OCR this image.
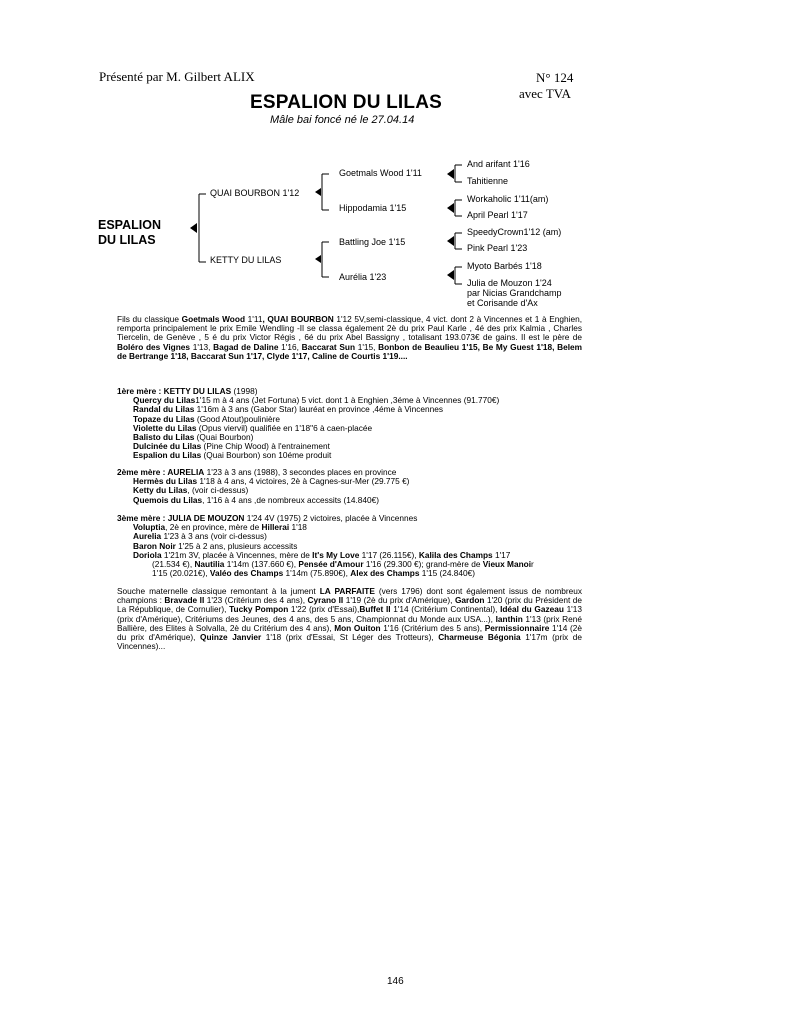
Présenté par M. Gilbert ALIX	N° 124
avec TVA
ESPALION DU LILAS
Mâle bai foncé né le 27.04.14
ESPALION
DU LILAS
QUAI BOURBON 1'12
KETTY DU LILAS
Goetmals Wood 1'11
Hippodamia 1'15
Battling Joe 1'15
Aurélia 1'23
And arifant 1'16
Tahitienne
Workaholic 1'11(am)
April Pearl 1'17
SpeedyCrown1'12 (am)
Pink Pearl 1'23
Myoto Barbés 1'18
Julia de Mouzon 1'24
par Nicias Grandchamp
et Corisande d'Ax
Fils du classique Goetmals Wood 1'11, QUAI BOURBON 1'12 5V,semi-classique, 4 vict. dont 2 à Vincennes et 1 à Enghien, remporta principalement le prix Emile Wendling -Il se classa également 2è du prix Paul Karle , 4é des prix Kalmia , Charles Tiercelin, de Genève , 5 é du prix Victor Régis , 6é du prix Abel Bassigny , totalisant 193.073€ de gains. Il est le père de Boléro des Vignes 1'13, Bagad de Daline 1'16, Baccarat Sun 1'15, Bonbon de Beaulieu 1'15, Be My Guest 1'18, Belem de Bertrange 1'18, Baccarat Sun 1'17, Clyde 1'17, Caline de Courtis 1'19....
1ère mère : KETTY DU LILAS (1998)
Quercy du Lilas1'15 m à 4 ans (Jet Fortuna) 5 vict. dont 1 à Enghien ,3éme à Vincennes (91.770€)
Randal du Lilas 1'16m à 3 ans (Gabor Star) lauréat en province ,4éme à Vincennes
Topaze du Lilas (Good Atout)poulinière
Violette du Lilas (Opus viervil) qualifiée en 1'18"6 à caen-placée
Balisto du Lilas (Quai Bourbon)
Dulcinée du Lilas (Pine Chip Wood) à l'entrainement
Espalion du Lilas (Quai Bourbon) son 10éme produit
2ème mère : AURELIA 1'23 à 3 ans (1988), 3 secondes places en province
Hermès du Lilas 1'18 à 4 ans, 4 victoires, 2è à Cagnes-sur-Mer (29.775 €)
Ketty du Lilas, (voir ci-dessus)
Quemois du Lilas, 1'16 à 4 ans ,de nombreux accessits (14.840€)
3ème mère : JULIA DE MOUZON 1'24 4V (1975) 2 victoires, placée à Vincennes
Voluptia, 2è en province, mère de Hillerai 1'18
Aurelia 1'23 à 3 ans (voir ci-dessus)
Baron Noir 1'25 à 2 ans, plusieurs accessits
Doriola 1'21m 3V, placée à Vincennes, mère de It's My Love 1'17 (26.115€), Kalila des Champs 1'17
(21.534 €), Nautilia 1'14m (137.660 €), Pensée d'Amour 1'16 (29.300 €); grand-mère de Vieux Manoir
1'15 (20.021€), Valéo des Champs 1'14m (75.890€), Alex des Champs 1'15 (24.840€)
Souche maternelle classique remontant à la jument LA PARFAITE (vers 1796) dont sont également issus de nombreux champions : Bravade II 1'23 (Critérium des 4 ans), Cyrano II 1'19 (2è du prix d'Amérique), Gardon 1'20 (prix du Président de La République, de Cornulier), Tucky Pompon 1'22 (prix d'Essai),Buffet II 1'14 (Critérium Continental), Idéal du Gazeau 1'13 (prix d'Amérique), Critériums des Jeunes, des 4 ans, des 5 ans, Championnat du Monde aux USA...), Ianthin 1'13 (prix René Ballière, des Elites à Solvalla, 2è du Critérium des 4 ans), Mon Ouiton 1'16 (Critérium des 5 ans), Permissionnaire 1'14 (2è du prix d'Amérique), Quinze Janvier 1'18 (prix d'Essai, St Léger des Trotteurs), Charmeuse Bégonia 1'17m (prix de Vincennes)...
146
